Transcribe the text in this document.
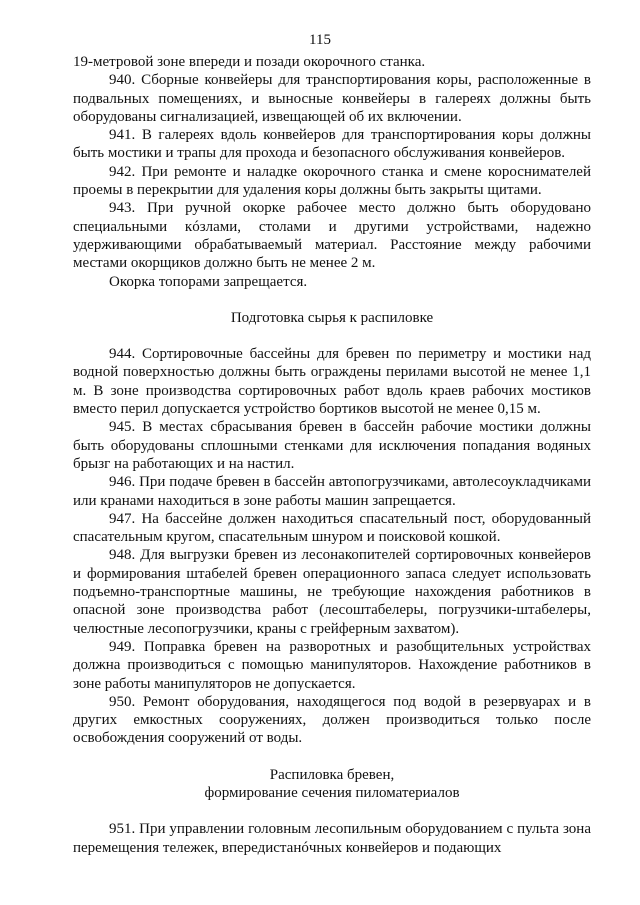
115

19-метровой зоне впереди и позади окорочного станка.

940. Сборные конвейеры для транспортирования коры, расположенные в подвальных помещениях, и выносные конвейеры в галереях должны быть оборудованы сигнализацией, извещающей об их включении.

941. В галереях вдоль конвейеров для транспортирования коры должны быть мостики и трапы для прохода и безопасного обслуживания конвейеров.

942. При ремонте и наладке окорочного станка и смене короснимателей проемы в перекрытии для удаления коры должны быть закрыты щитами.

943. При ручной окорке рабочее место должно быть оборудовано специальными кóзлами, столами и другими устройствами, надежно удерживающими обрабатываемый материал. Расстояние между рабочими местами окорщиков должно быть не менее 2 м.

Окорка топорами запрещается.

Подготовка сырья к распиловке

944. Сортировочные бассейны для бревен по периметру и мостики над водной поверхностью должны быть ограждены перилами высотой не менее 1,1 м. В зоне производства сортировочных работ вдоль краев рабочих мостиков вместо перил допускается устройство бортиков высотой не менее 0,15 м.

945. В местах сбрасывания бревен в бассейн рабочие мостики должны быть оборудованы сплошными стенками для исключения попадания водяных брызг на работающих и на настил.

946. При подаче бревен в бассейн автопогрузчиками, автолесоукладчиками или кранами находиться в зоне работы машин запрещается.

947. На бассейне должен находиться спасательный пост, оборудованный спасательным кругом, спасательным шнуром и поисковой кошкой.

948. Для выгрузки бревен из лесонакопителей сортировочных конвейеров и формирования штабелей бревен операционного запаса следует использовать подъемно-транспортные машины, не требующие нахождения работников в опасной зоне производства работ (лесоштабелеры, погрузчики-штабелеры, челюстные лесопогрузчики, краны с грейферным захватом).

949. Поправка бревен на разворотных и разобщительных устройствах должна производиться с помощью манипуляторов. Нахождение работников в зоне работы манипуляторов не допускается.

950. Ремонт оборудования, находящегося под водой в резервуарах и в других емкостных сооружениях, должен производиться только после освобождения сооружений от воды.

Распиловка бревен,
формирование сечения пиломатериалов

951. При управлении головным лесопильным оборудованием с пульта зона перемещения тележек, впередистанóчных конвейеров и подающих
